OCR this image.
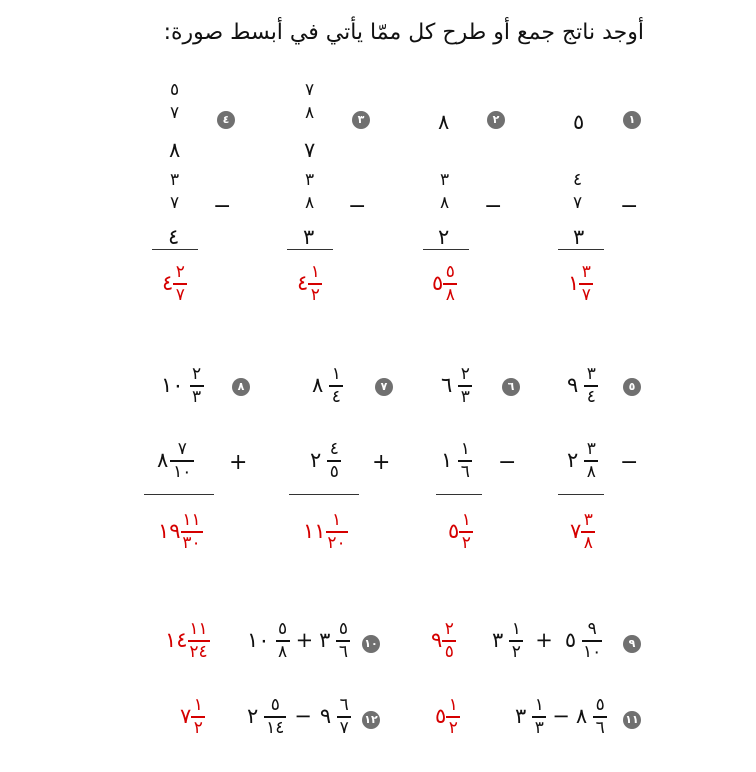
أوجد ناتج جمع أو طرح كل ممّا يأتي في أبسط صورة:
١
٥
−
٤
٧
٣
١ $\frac{٣}{٧}$
٢
٨
−
٣
٨
٢
٥ $\frac{٥}{٨}$
٣
٧
٨
٧
−
٣
٨
٣
٤ $\frac{١}{٢}$
٤
٥
٧
٨
−
٣
٧
٤
٤ $\frac{٢}{٧}$
٥
٩ $\frac{٣}{٤}$
−
٢ $\frac{٣}{٨}$
٧ $\frac{٣}{٨}$
٦
٦ $\frac{٢}{٣}$
−
١ $\frac{١}{٦}$
٥ $\frac{١}{٢}$
٧
٨ $\frac{١}{٤}$
+
٢ $\frac{٤}{٥}$
١١ $\frac{١}{٢٠}$
٨
١٠ $\frac{٢}{٣}$
+
٨ $\frac{٧}{١٠}$
١٩ $\frac{١١}{٣٠}$
٩
٣ $\frac{١}{٢}$ + ٥ $\frac{٩}{١٠}$
٩ $\frac{٢}{٥}$
١٠
١٠ $\frac{٥}{٨}$ + ٣ $\frac{٥}{٦}$
١٤ $\frac{١١}{٢٤}$
١١
٣ $\frac{١}{٣}$ − ٨ $\frac{٥}{٦}$
٥ $\frac{١}{٢}$
١٢
٢ $\frac{٥}{١٤}$ − ٩ $\frac{٦}{٧}$
٧ $\frac{١}{٢}$
